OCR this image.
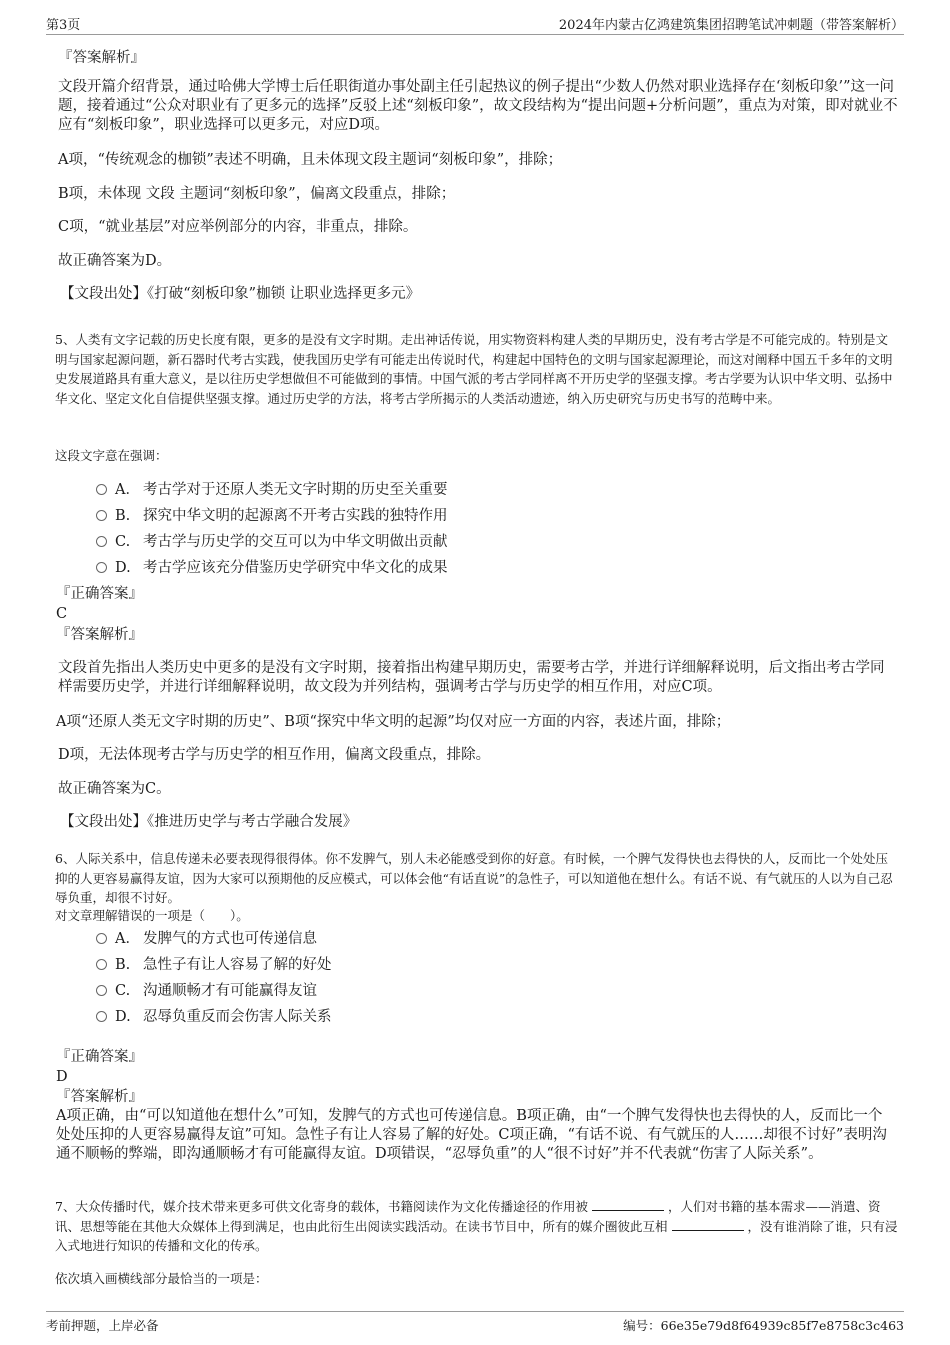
第3页	2024年内蒙古亿鸿建筑集团招聘笔试冲刺题（带答案解析）

『答案解析』

文段开篇介绍背景，通过哈佛大学博士后任职街道办事处副主任引起热议的例子提出“少数人仍然对职业选择存在‘刻板印象’”这一问题，接着通过“公众对职业有了更多元的选择”反驳上述“刻板印象”，故文段结构为“提出问题+分析问题”，重点为对策，即对就业不应有“刻板印象”，职业选择可以更多元，对应D项。

A项，“传统观念的枷锁”表述不明确，且未体现文段主题词“刻板印象”，排除；

B项，未体现 文段 主题词“刻板印象”，偏离文段重点，排除；

C项，“就业基层”对应举例部分的内容，非重点，排除。

故正确答案为D。

【文段出处】《打破“刻板印象”枷锁 让职业选择更多元》

5、人类有文字记载的历史长度有限，更多的是没有文字时期。走出神话传说，用实物资料构建人类的早期历史，没有考古学是不可能完成的。特别是文明与国家起源问题，新石器时代考古实践，使我国历史学有可能走出传说时代，构建起中国特色的文明与国家起源理论，而这对阐释中国五千多年的文明史发展道路具有重大意义，是以往历史学想做但不可能做到的事情。中国气派的考古学同样离不开历史学的坚强支撑。考古学要为认识中华文明、弘扬中华文化、坚定文化自信提供坚强支撑。通过历史学的方法，将考古学所揭示的人类活动遗迹，纳入历史研究与历史书写的范畴中来。

这段文字意在强调：

A． 考古学对于还原人类无文字时期的历史至关重要
B. 探究中华文明的起源离不开考古实践的独特作用
C. 考古学与历史学的交互可以为中华文明做出贡献
D. 考古学应该充分借鉴历史学研究中华文化的成果

『正确答案』

C

『答案解析』

文段首先指出人类历史中更多的是没有文字时期，接着指出构建早期历史，需要考古学，并进行详细解释说明，后文指出考古学同样需要历史学，并进行详细解释说明，故文段为并列结构，强调考古学与历史学的相互作用，对应C项。

A项“还原人类无文字时期的历史”、B项“探究中华文明的起源”均仅对应一方面的内容，表述片面，排除；

D项，无法体现考古学与历史学的相互作用，偏离文段重点，排除。

故正确答案为C。

【文段出处】《推进历史学与考古学融合发展》

6、人际关系中，信息传递未必要表现得很得体。你不发脾气，别人未必能感受到你的好意。有时候，一个脾气发得快也去得快的人，反而比一个处处压抑的人更容易赢得友谊，因为大家可以预期他的反应模式，可以体会他“有话直说”的急性子，可以知道他在想什么。有话不说、有气就压的人以为自己忍辱负重，却很不讨好。

对文章理解错误的一项是（　　）。

A． 发脾气的方式也可传递信息
B. 急性子有让人容易了解的好处
C. 沟通顺畅才有可能赢得友谊
D. 忍辱负重反而会伤害人际关系

『正确答案』

D

『答案解析』

A项正确，由“可以知道他在想什么”可知，发脾气的方式也可传递信息。B项正确，由“一个脾气发得快也去得快的人，反而比一个处处压抑的人更容易赢得友谊”可知。急性子有让人容易了解的好处。C项正确，“有话不说、有气就压的人……却很不讨好”表明沟通不顺畅的弊端，即沟通顺畅才有可能赢得友谊。D项错误，“忍辱负重”的人“很不讨好”并不代表就“伤害了人际关系”。

7、大众传播时代，媒介技术带来更多可供文化寄身的载体，书籍阅读作为文化传播途径的作用被	，人们对书籍的基本需求——消遣、资讯、思想等能在其他大众媒体上得到满足，也由此衍生出阅读实践活动。在读书节目中，所有的媒介圈彼此互相	，没有谁消除了谁，只有浸入式地进行知识的传播和文化的传承。

依次填入画横线部分最恰当的一项是：

考前押题，上岸必备	编号：66e35e79d8f64939c85f7e8758c3c463
